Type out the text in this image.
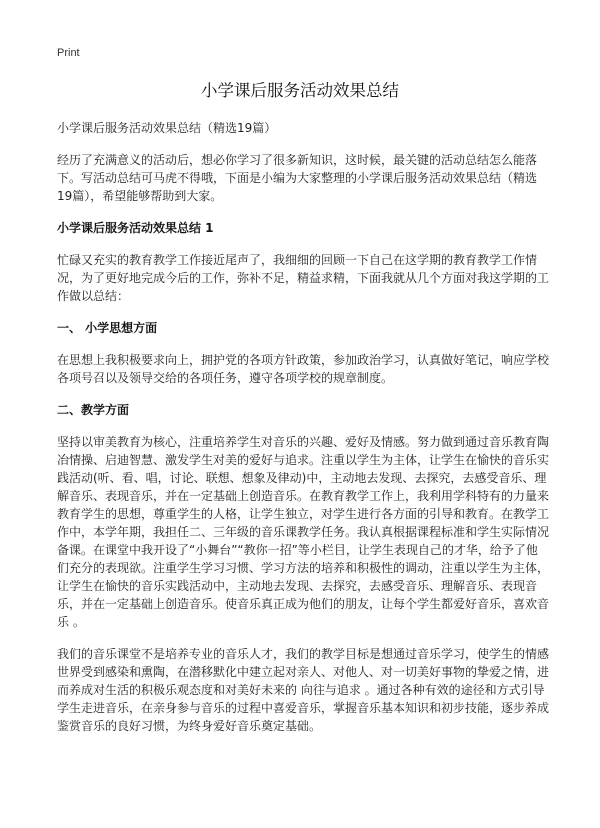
Print
小学课后服务活动效果总结

小学课后服务活动效果总结（精选19篇）

经历了充满意义的活动后，想必你学习了很多新知识，这时候，最关键的活动总结怎么能落下。写活动总结可马虎不得哦，下面是小编为大家整理的小学课后服务活动效果总结（精选19篇），希望能够帮助到大家。

小学课后服务活动效果总结 1

忙碌又充实的教育教学工作接近尾声了，我细细的回顾一下自己在这学期的教育教学工作情况，为了更好地完成今后的工作，弥补不足，精益求精，下面我就从几个方面对我这学期的工作做以总结：

一、 小学思想方面

在思想上我积极要求向上，拥护党的各项方针政策，参加政治学习，认真做好笔记，响应学校各项号召以及领导交给的各项任务，遵守各项学校的规章制度。

二、教学方面

坚持以审美教育为核心，注重培养学生对音乐的兴趣、爱好及情感。努力做到通过音乐教育陶冶情操、启迪智慧、激发学生对美的爱好与追求。注重以学生为主体，让学生在愉快的音乐实践活动(听、看、唱，讨论、联想、想象及律动)中，主动地去发现、去探究，去感受音乐、理解音乐、表现音乐，并在一定基础上创造音乐。在教育教学工作上，我利用学科特有的力量来教育学生的思想，尊重学生的人格，让学生独立，对学生进行各方面的引导和教育。在教学工作中，本学年期，我担任二、三年级的音乐课教学任务。我认真根据课程标准和学生实际情况备课。在课堂中我开设了“小舞台”“教你一招”等小栏目，让学生表现自己的才华，给予了他们充分的表现欲。注重学生学习习惯、学习方法的培养和积极性的调动，注重以学生为主体，让学生在愉快的音乐实践活动中，主动地去发现、去探究，去感受音乐、理解音乐、表现音乐，并在一定基础上创造音乐。使音乐真正成为他们的朋友，让每个学生都爱好音乐，喜欢音乐 。

我们的音乐课堂不是培养专业的音乐人才，我们的教学目标是想通过音乐学习，使学生的情感世界受到感染和熏陶，在潜移默化中建立起对亲人、对他人、对一切美好事物的挚爱之情，进而养成对生活的积极乐观态度和对美好未来的 向往与追求 。通过各种有效的途径和方式引导学生走进音乐，在亲身参与音乐的过程中喜爱音乐，掌握音乐基本知识和初步技能，逐步养成鉴赏音乐的良好习惯，为终身爱好音乐奠定基础。
